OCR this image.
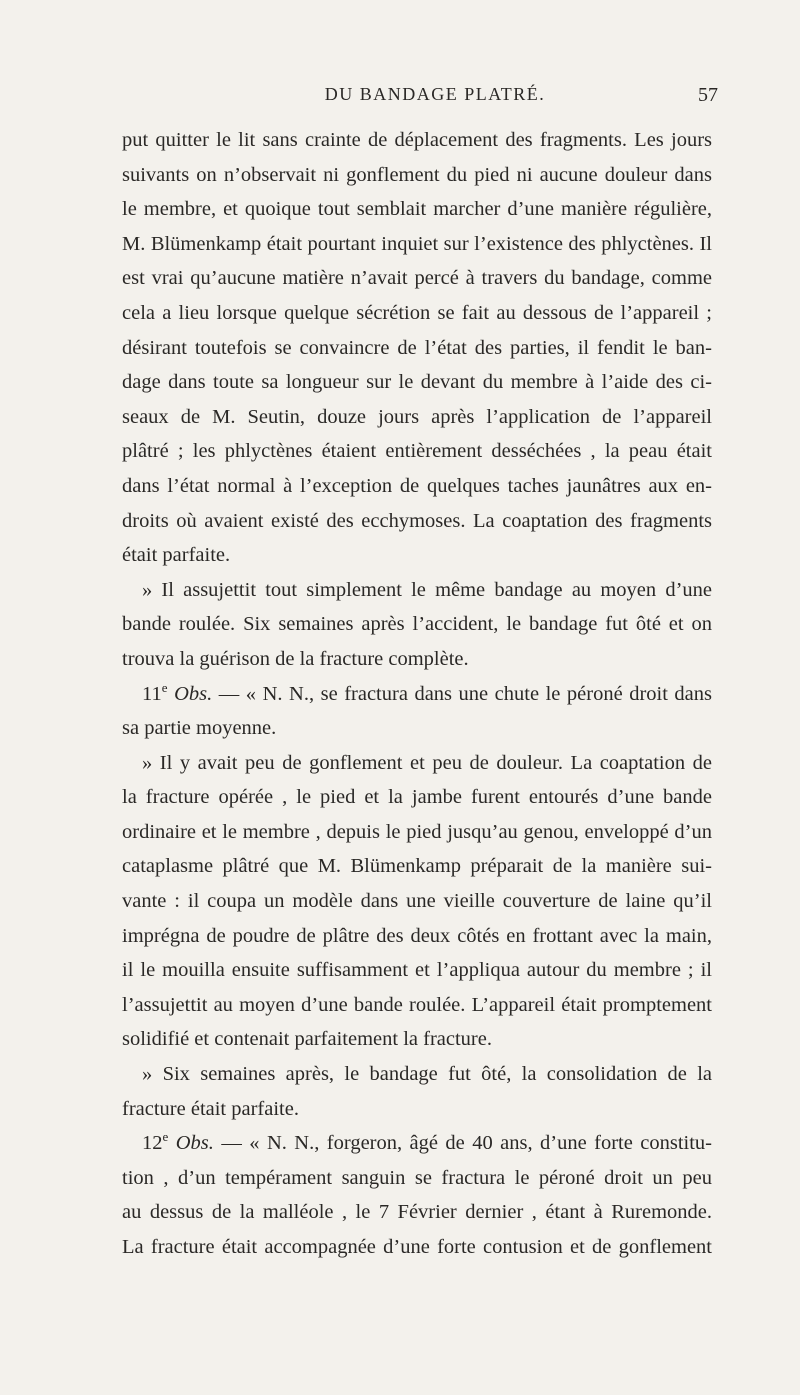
DU BANDAGE PLATRÉ.	57
put quitter le lit sans crainte de déplacement des fragments. Les jours
suivants on n’observait ni gonflement du pied ni aucune douleur dans
le membre, et quoique tout semblait marcher d’une manière régulière,
M. Blümenkamp était pourtant inquiet sur l’existence des phlyctènes. Il
est vrai qu’aucune matière n’avait percé à travers du bandage, comme
cela a lieu lorsque quelque sécrétion se fait au dessous de l’appareil ;
désirant toutefois se convaincre de l’état des parties, il fendit le ban-
dage dans toute sa longueur sur le devant du membre à l’aide des ci-
seaux de M. Seutin, douze jours après l’application de l’appareil
plâtré ; les phlyctènes étaient entièrement desséchées , la peau était
dans l’état normal à l’exception de quelques taches jaunâtres aux en-
droits où avaient existé des ecchymoses. La coaptation des fragments
était parfaite.
» Il assujettit tout simplement le même bandage au moyen d’une
bande roulée. Six semaines après l’accident, le bandage fut ôté et on
trouva la guérison de la fracture complète.
11e Obs. — « N. N., se fractura dans une chute le péroné droit dans
sa partie moyenne.
» Il y avait peu de gonflement et peu de douleur. La coaptation de
la fracture opérée , le pied et la jambe furent entourés d’une bande
ordinaire et le membre , depuis le pied jusqu’au genou, enveloppé d’un
cataplasme plâtré que M. Blümenkamp préparait de la manière sui-
vante : il coupa un modèle dans une vieille couverture de laine qu’il
imprégna de poudre de plâtre des deux côtés en frottant avec la main,
il le mouilla ensuite suffisamment et l’appliqua autour du membre ; il
l’assujettit au moyen d’une bande roulée. L’appareil était promptement
solidifié et contenait parfaitement la fracture.
» Six semaines après, le bandage fut ôté, la consolidation de la
fracture était parfaite.
12e Obs. — « N. N., forgeron, âgé de 40 ans, d’une forte constitu-
tion , d’un tempérament sanguin se fractura le péroné droit un peu
au dessus de la malléole , le 7 Février dernier , étant à Ruremonde.
La fracture était accompagnée d’une forte contusion et de gonflement
